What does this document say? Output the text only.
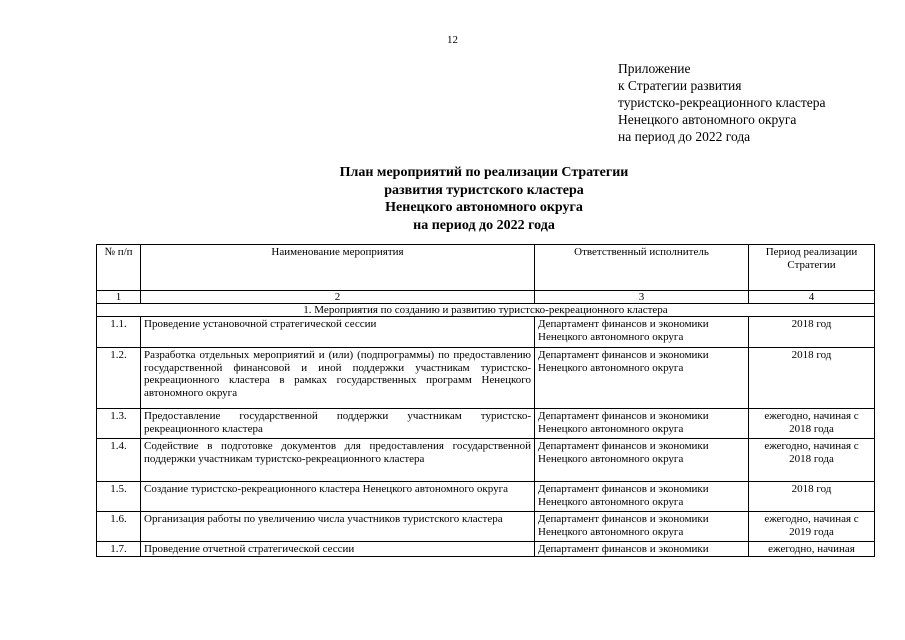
12
Приложение
к Стратегии развития
туристско-рекреационного кластера
Ненецкого автономного округа
на период до 2022 года
План мероприятий по реализации Стратегии
развития туристского кластера
Ненецкого автономного округа
на период до 2022 года
№ п/п	Наименование мероприятия	Ответственный исполнитель	Период реализации Стратегии
1	2	3	4
1. Мероприятия по созданию и развитию туристско-рекреационного кластера			
1.1.	Проведение установочной стратегической сессии	Департамент финансов и экономики Ненецкого автономного округа	2018 год
1.2.	Разработка отдельных мероприятий и (или) (подпрограммы) по предоставлению государственной финансовой и иной поддержки участникам туристско-рекреационного кластера в рамках государственных программ Ненецкого автономного округа	Департамент финансов и экономики Ненецкого автономного округа	2018 год
1.3.	Предоставление государственной поддержки участникам туристско-рекреационного кластера	Департамент финансов и экономики Ненецкого автономного округа	ежегодно, начиная с 2018 года
1.4.	Содействие в подготовке документов для предоставления государственной поддержки участникам туристско-рекреационного кластера	Департамент финансов и экономики Ненецкого автономного округа	ежегодно, начиная с 2018 года
1.5.	Создание туристско-рекреационного кластера Ненецкого автономного округа	Департамент финансов и экономики Ненецкого автономного округа	2018 год
1.6.	Организация работы по увеличению числа участников туристского кластера	Департамент финансов и экономики Ненецкого автономного округа	ежегодно, начиная с 2019 года
1.7.	Проведение отчетной стратегической сессии	Департамент финансов и экономики	ежегодно, начиная
